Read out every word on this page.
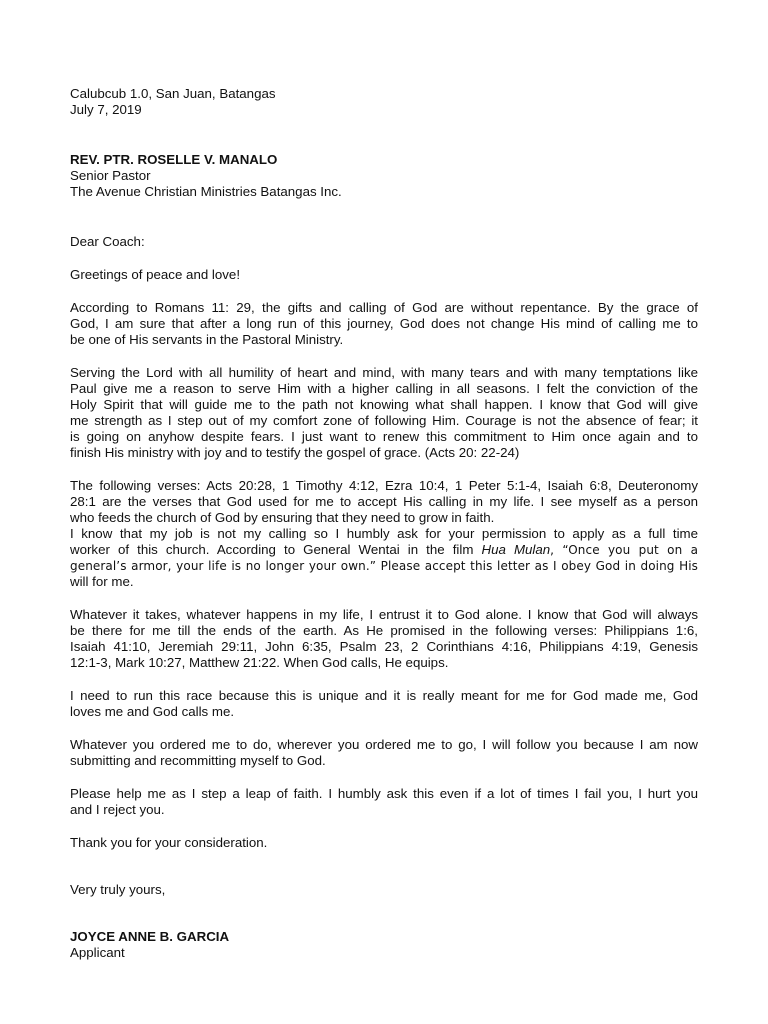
Calubcub 1.0, San Juan, Batangas
July 7, 2019
REV. PTR. ROSELLE V. MANALO
Senior Pastor
The Avenue Christian Ministries Batangas Inc.
Dear Coach:
Greetings of peace and love!
According to Romans 11: 29, the gifts and calling of God are without repentance. By the grace of
God, I am sure that after a long run of this journey, God does not change His mind of calling me to
be one of His servants in the Pastoral Ministry.
Serving the Lord with all humility of heart and mind, with many tears and with many temptations like
Paul give me a reason to serve Him with a higher calling in all seasons. I felt the conviction of the
Holy Spirit that will guide me to the path not knowing what shall happen. I know that God will give
me strength as I step out of my comfort zone of following Him. Courage is not the absence of fear; it
is going on anyhow despite fears. I just want to renew this commitment to Him once again and to
finish His ministry with joy and to testify the gospel of grace. (Acts 20: 22-24)
The following verses: Acts 20:28, 1 Timothy 4:12, Ezra 10:4, 1 Peter 5:1-4, Isaiah 6:8, Deuteronomy
28:1 are the verses that God used for me to accept His calling in my life. I see myself as a person
who feeds the church of God by ensuring that they need to grow in faith.
I know that my job is not my calling so I humbly ask for your permission to apply as a full time
worker of this church. According to General Wentai in the film Hua Mulan, “Once you put on a
general’s armor, your life is no longer your own.” Please accept this letter as I obey God in doing His
will for me.
Whatever it takes, whatever happens in my life, I entrust it to God alone. I know that God will always
be there for me till the ends of the earth. As He promised in the following verses: Philippians 1:6,
Isaiah 41:10, Jeremiah 29:11, John 6:35, Psalm 23, 2 Corinthians 4:16, Philippians 4:19, Genesis
12:1-3, Mark 10:27, Matthew 21:22. When God calls, He equips.
I need to run this race because this is unique and it is really meant for me for God made me, God
loves me and God calls me.
Whatever you ordered me to do, wherever you ordered me to go, I will follow you because I am now
submitting and recommitting myself to God.
Please help me as I step a leap of faith. I humbly ask this even if a lot of times I fail you, I hurt you
and I reject you.
Thank you for your consideration.
Very truly yours,
JOYCE ANNE B. GARCIA
Applicant
